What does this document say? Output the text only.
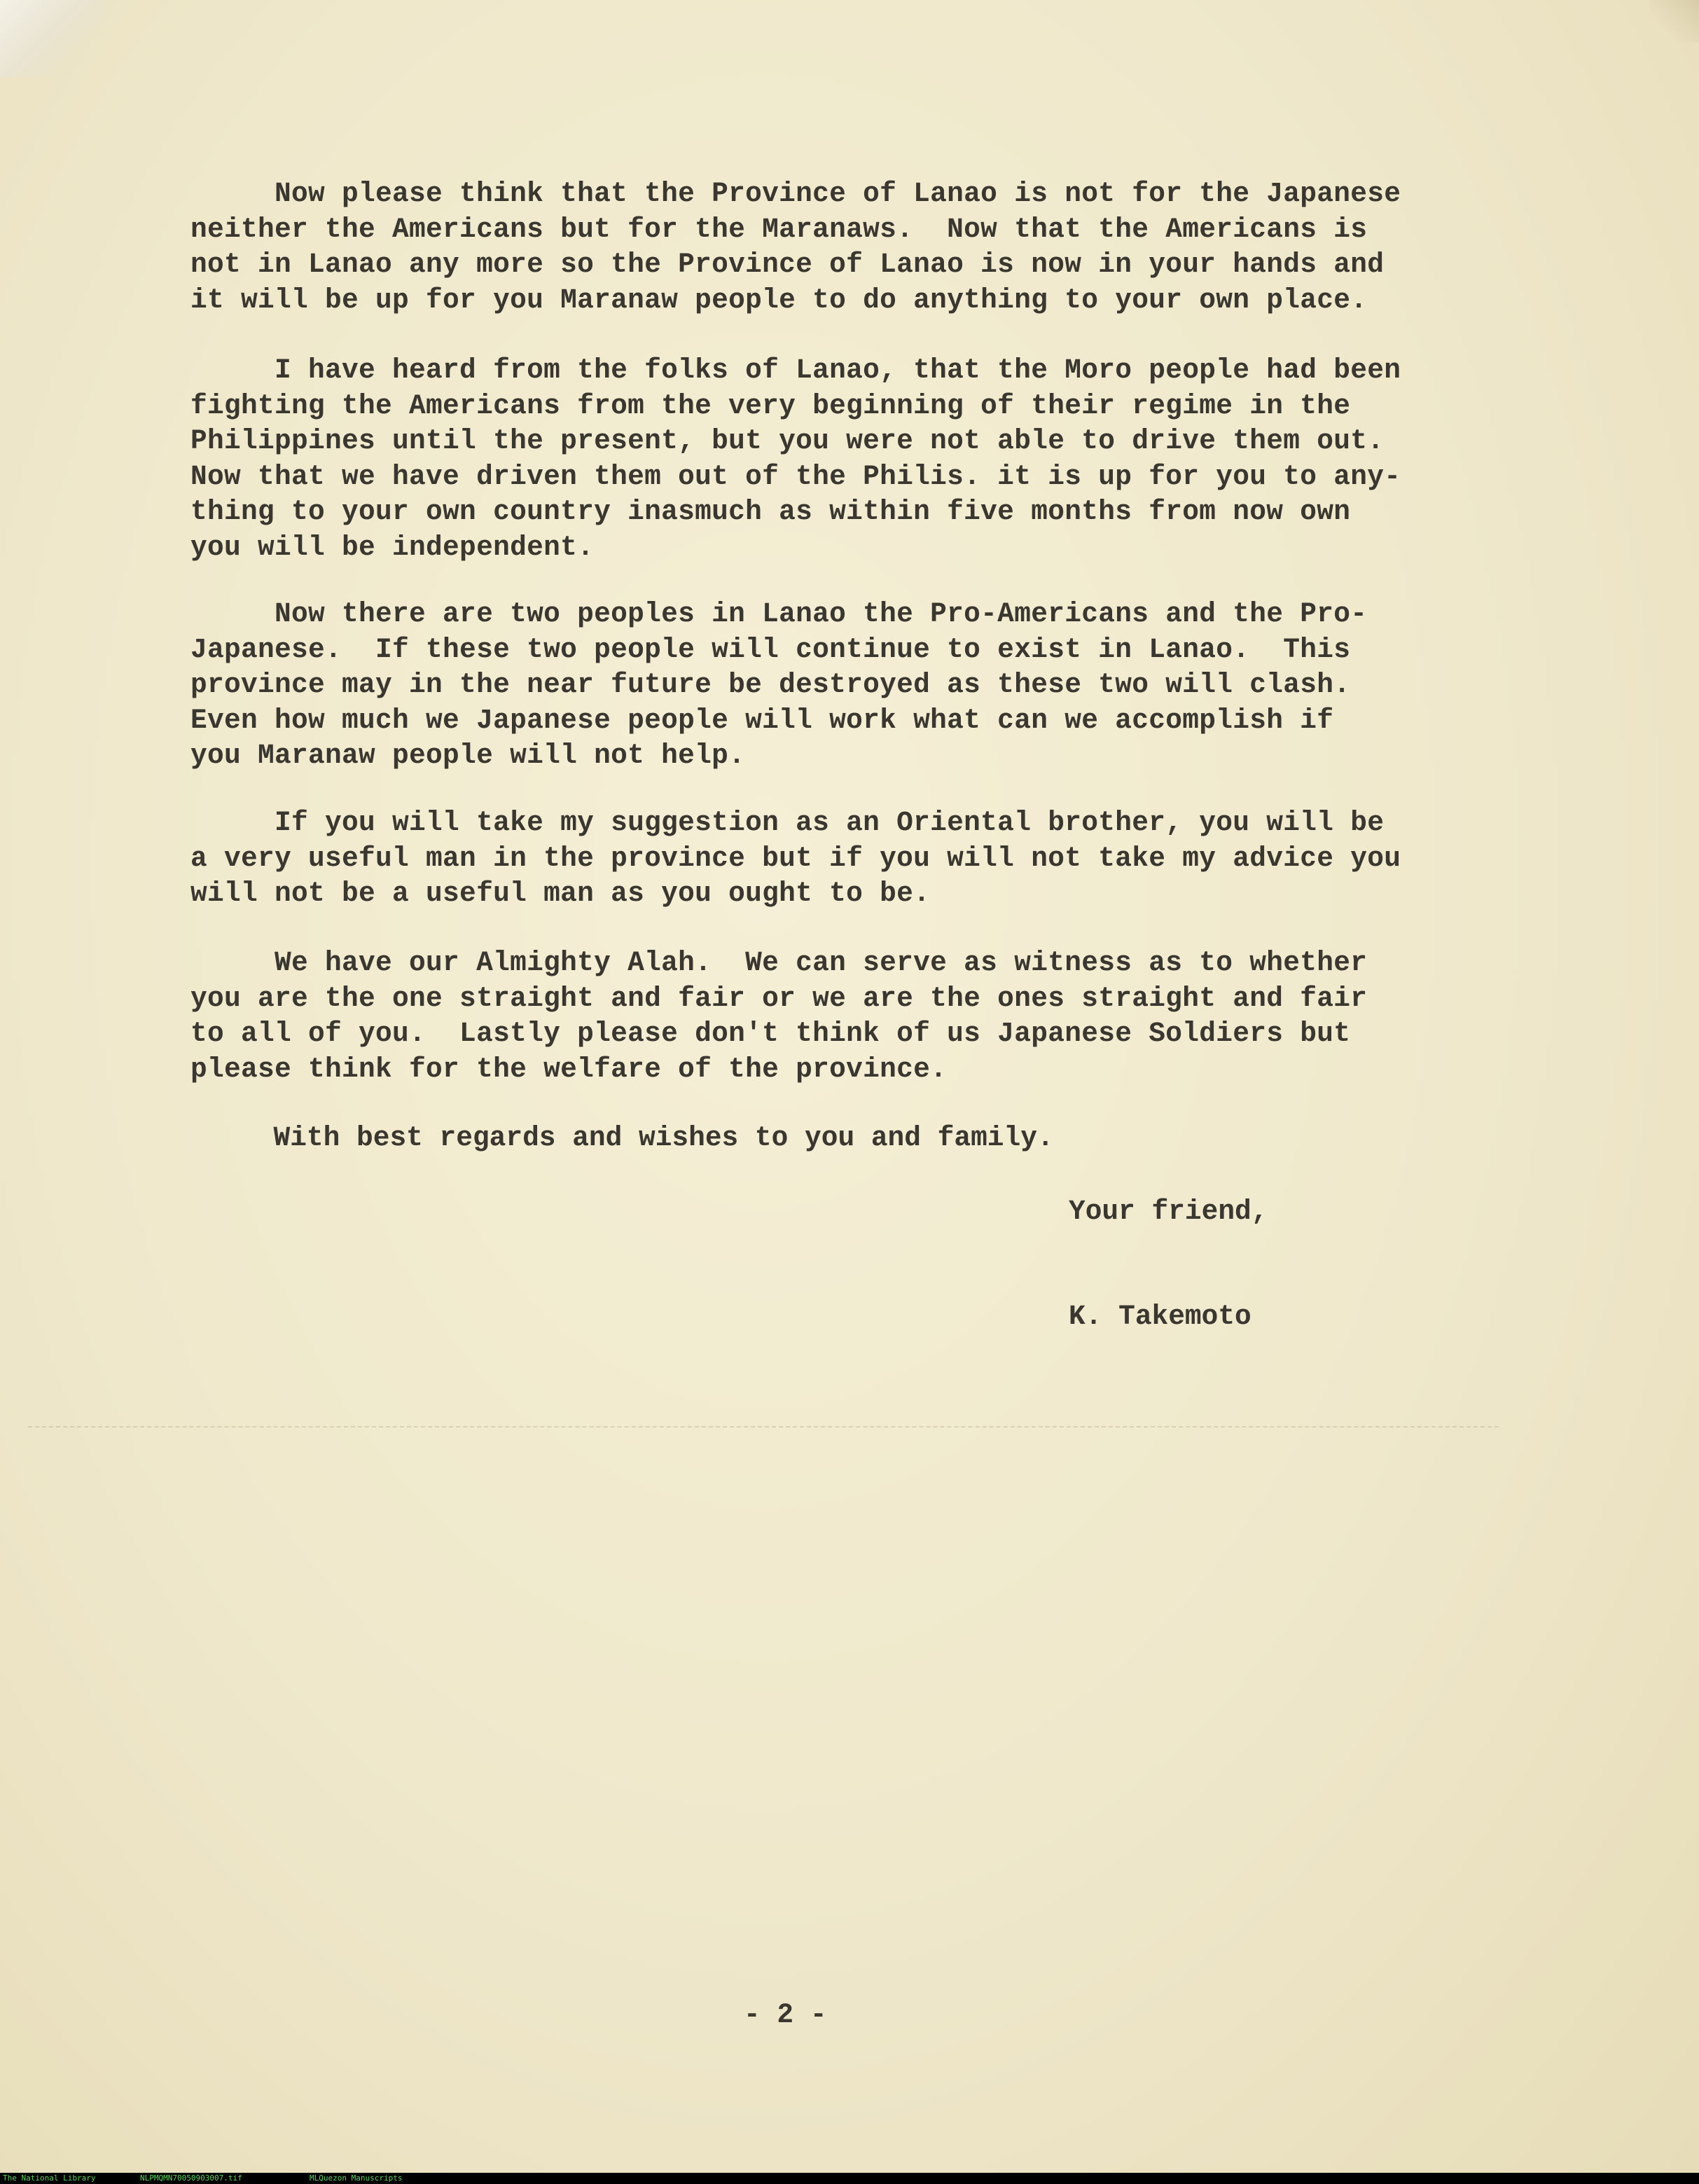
Now please think that the Province of Lanao is not for the Japanese
neither the Americans but for the Maranaws.  Now that the Americans is
not in Lanao any more so the Province of Lanao is now in your hands and
it will be up for you Maranaw people to do anything to your own place.

I have heard from the folks of Lanao, that the Moro people had been
fighting the Americans from the very beginning of their regime in the
Philippines until the present, but you were not able to drive them out.
Now that we have driven them out of the Philis. it is up for you to any-
thing to your own country inasmuch as within five months from now own
you will be independent.

Now there are two peoples in Lanao the Pro-Americans and the Pro-
Japanese.  If these two people will continue to exist in Lanao.  This
province may in the near future be destroyed as these two will clash.
Even how much we Japanese people will work what can we accomplish if
you Maranaw people will not help.

If you will take my suggestion as an Oriental brother, you will be
a very useful man in the province but if you will not take my advice you
will not be a useful man as you ought to be.

We have our Almighty Alah.  We can serve as witness as to whether
you are the one straight and fair or we are the ones straight and fair
to all of you.  Lastly please don't think of us Japanese Soldiers but
please think for the welfare of the province.

With best regards and wishes to you and family.
Your friend,
K. Takemoto
- 2 -
The National Library	NLPMQMN70050903007.tif	MLQuezon Manuscripts
